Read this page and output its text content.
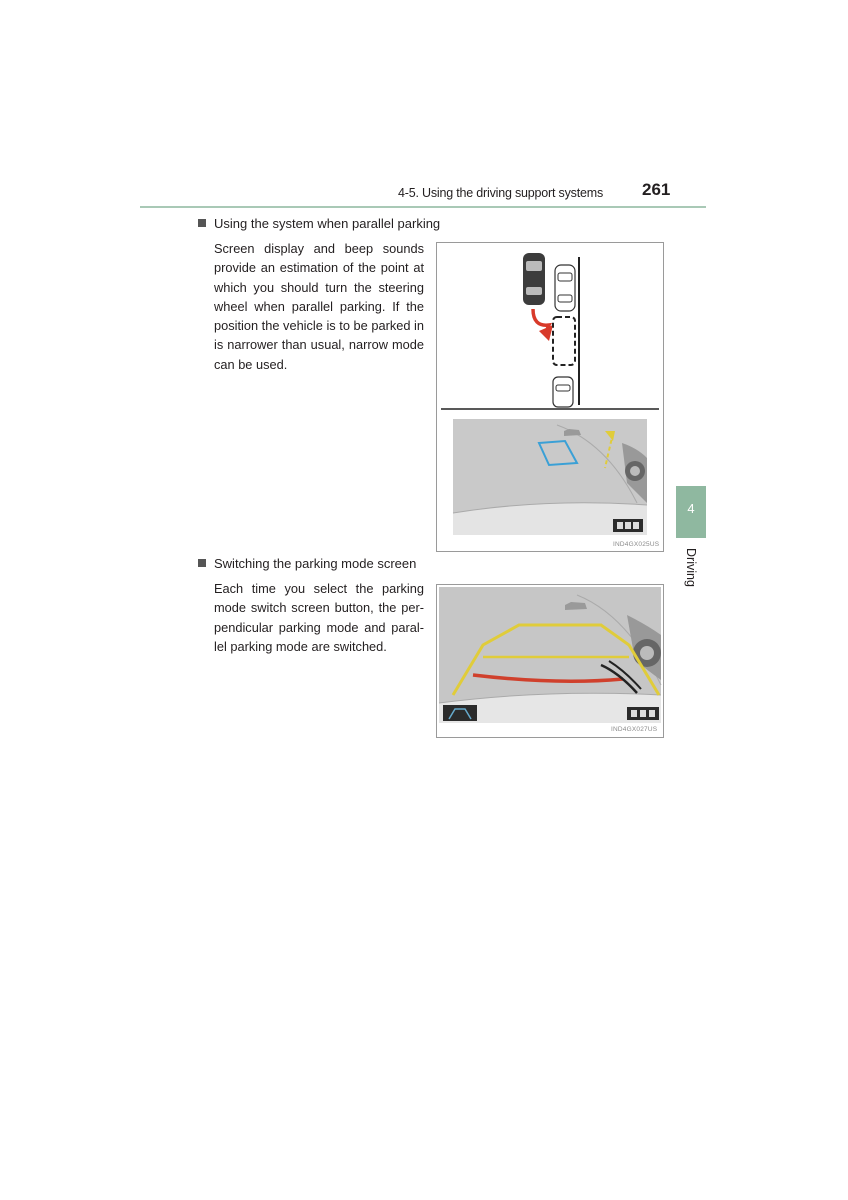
4-5. Using the driving support systems 261
4
Driving
Using the system when parallel parking
Screen display and beep sounds
provide an estimation of the point at
which you should turn the steering
wheel when parallel parking. If the
position the vehicle is to be parked in
is narrower than usual, narrow mode
can be used.
IND4GX025US
Switching the parking mode screen
Each time you select the parking
mode switch screen button, the per-
pendicular parking mode and paral-
lel parking mode are switched.
IND4GX027US
